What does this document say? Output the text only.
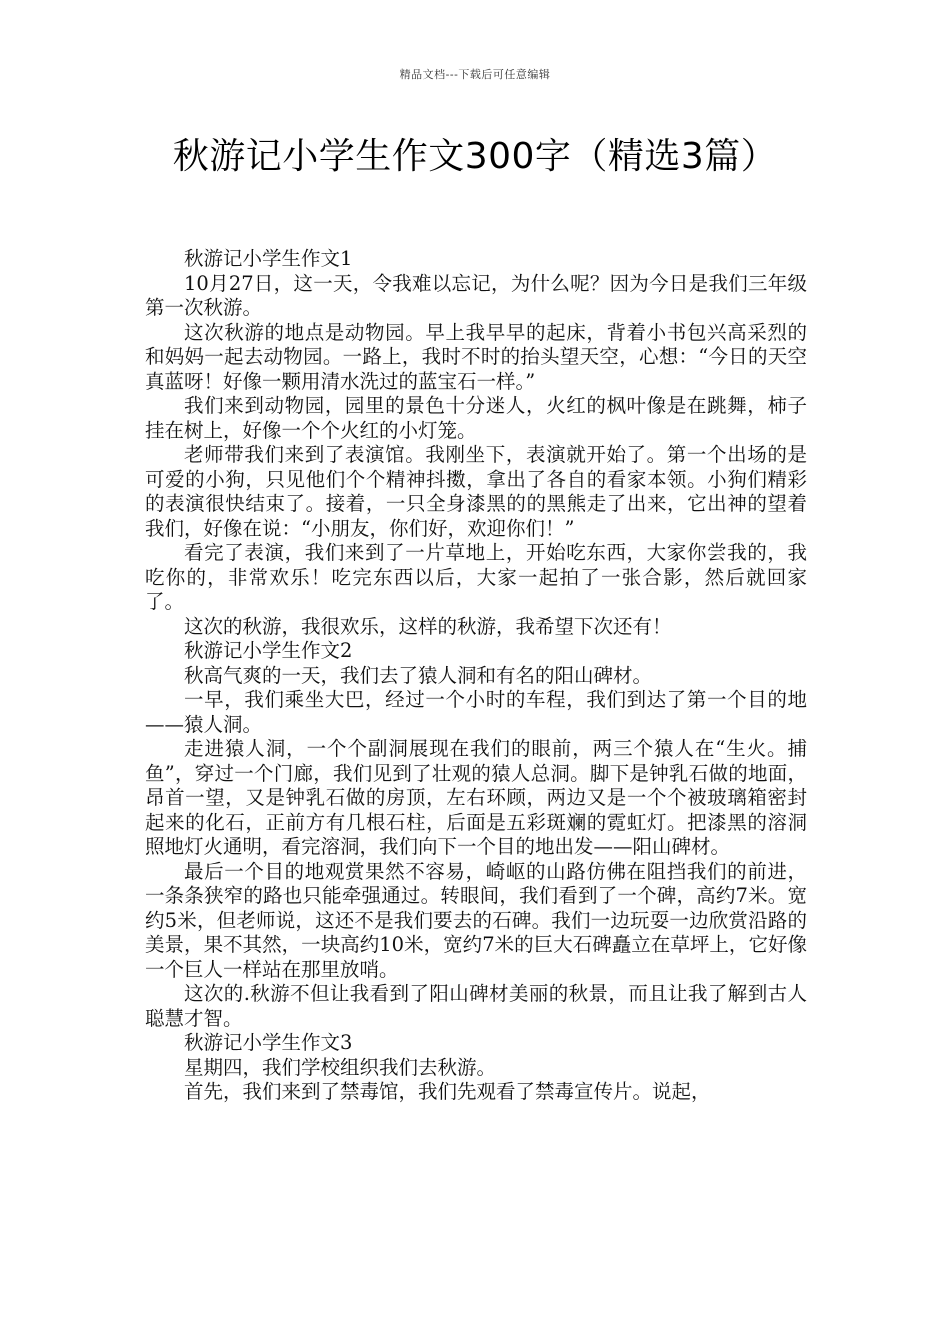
精品文档---下载后可任意编辑
秋游记小学生作文300字（精选3篇）

秋游记小学生作文1

10月27日，这一天，令我难以忘记，为什么呢？因为今日是我们三年级第一次秋游。

这次秋游的地点是动物园。早上我早早的起床，背着小书包兴高采烈的和妈妈一起去动物园。一路上，我时不时的抬头望天空，心想：“今日的天空真蓝呀！好像一颗用清水洗过的蓝宝石一样。”

我们来到动物园，园里的景色十分迷人，火红的枫叶像是在跳舞，柿子挂在树上，好像一个个火红的小灯笼。

老师带我们来到了表演馆。我刚坐下，表演就开始了。第一个出场的是可爱的小狗，只见他们个个精神抖擞，拿出了各自的看家本领。小狗们精彩的表演很快结束了。接着，一只全身漆黑的的黑熊走了出来，它出神的望着我们，好像在说：“小朋友，你们好，欢迎你们！”

看完了表演，我们来到了一片草地上，开始吃东西，大家你尝我的，我吃你的，非常欢乐！吃完东西以后，大家一起拍了一张合影，然后就回家了。

这次的秋游，我很欢乐，这样的秋游，我希望下次还有！

秋游记小学生作文2

秋高气爽的一天，我们去了猿人洞和有名的阳山碑材。

一早，我们乘坐大巴，经过一个小时的车程，我们到达了第一个目的地——猿人洞。

走进猿人洞，一个个副洞展现在我们的眼前，两三个猿人在“生火。捕鱼”，穿过一个门廊，我们见到了壮观的猿人总洞。脚下是钟乳石做的地面，昂首一望，又是钟乳石做的房顶，左右环顾，两边又是一个个被玻璃箱密封起来的化石，正前方有几根石柱，后面是五彩斑斓的霓虹灯。把漆黑的溶洞照地灯火通明，看完溶洞，我们向下一个目的地出发——阳山碑材。

最后一个目的地观赏果然不容易，崎岖的山路仿佛在阻挡我们的前进，一条条狭窄的路也只能牵强通过。转眼间，我们看到了一个碑，高约7米。宽约5米，但老师说，这还不是我们要去的石碑。我们一边玩耍一边欣赏沿路的美景，果不其然，一块高约10米，宽约7米的巨大石碑矗立在草坪上，它好像一个巨人一样站在那里放哨。

这次的.秋游不但让我看到了阳山碑材美丽的秋景，而且让我了解到古人聪慧才智。

秋游记小学生作文3

星期四，我们学校组织我们去秋游。

首先，我们来到了禁毒馆，我们先观看了禁毒宣传片。说起，
